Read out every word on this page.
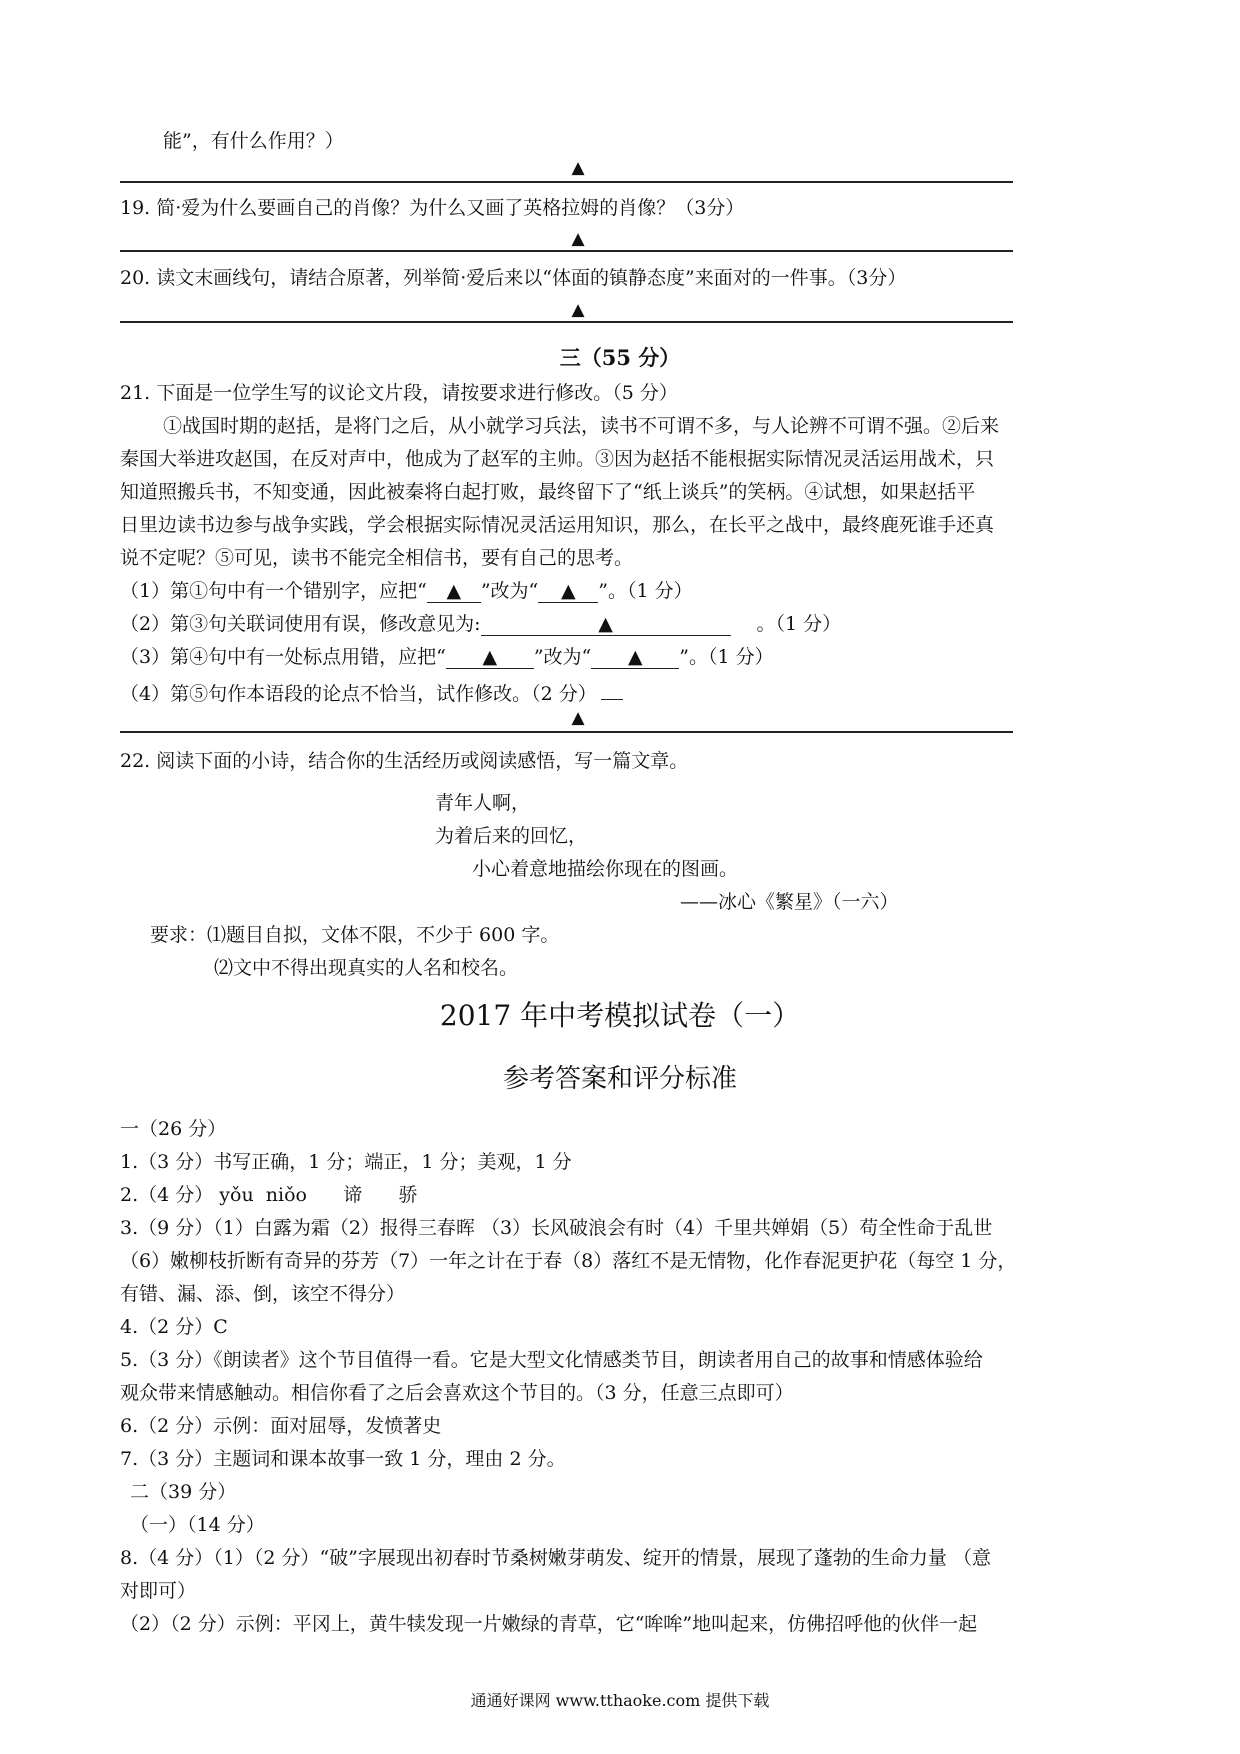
能”，有什么作用？）
▲
19. 简·爱为什么要画自己的肖像？为什么又画了英格拉姆的肖像？（3分）
▲
20. 读文末画线句，请结合原著，列举简·爱后来以“体面的镇静态度”来面对的一件事。（3分）
▲
三（55 分）
21. 下面是一位学生写的议论文片段，请按要求进行修改。（5 分）
①战国时期的赵括，是将门之后，从小就学习兵法，读书不可谓不多，与人论辨不可谓不强。②后来
秦国大举进攻赵国，在反对声中，他成为了赵军的主帅。③因为赵括不能根据实际情况灵活运用战术，只
知道照搬兵书，不知变通，因此被秦将白起打败，最终留下了“纸上谈兵”的笑柄。④试想，如果赵括平
日里边读书边参与战争实践，学会根据实际情况灵活运用知识，那么，在长平之战中，最终鹿死谁手还真
说不定呢？⑤可见，读书不能完全相信书，要有自己的思考。
（1）第①句中有一个错别字，应把“ ▲ ”改为“ ▲ ”。（1 分）
（2）第③句关联词使用有误，修改意见为:	▲	。（1 分）
（3）第④句中有一处标点用错，应把“ ▲ ”改为“ ▲ ”。（1 分）
（4）第⑤句作本语段的论点不恰当，试作修改。（2 分）
▲
22. 阅读下面的小诗，结合你的生活经历或阅读感悟，写一篇文章。
青年人啊，
为着后来的回忆，
小心着意地描绘你现在的图画。
——冰心《繁星》（一六）
要求：⑴题目自拟，文体不限，不少于 600 字。
⑵文中不得出现真实的人名和校名。
2017 年中考模拟试卷（一）
参考答案和评分标准
一（26 分）
1.（3 分）书写正确，1 分；端正，1 分；美观，1 分
2.（4 分） yǒu  niǒo      谛      骄
3.（9 分）（1）白露为霜（2）报得三春晖 （3）长风破浪会有时（4）千里共婵娟（5）苟全性命于乱世
（6）嫩柳枝折断有奇异的芬芳（7）一年之计在于春（8）落红不是无情物，化作春泥更护花（每空 1 分，
有错、漏、添、倒，该空不得分）
4.（2 分）C
5.（3 分）《朗读者》这个节目值得一看。它是大型文化情感类节目，朗读者用自己的故事和情感体验给
观众带来情感触动。相信你看了之后会喜欢这个节目的。（3 分，任意三点即可）
6.（2 分）示例：面对屈辱，发愤著史
7.（3 分）主题词和课本故事一致 1 分，理由 2 分。
二（39 分）
（一）（14 分）
8.（4 分）（1）（2 分）“破”字展现出初春时节桑树嫩芽萌发、绽开的情景，展现了蓬勃的生命力量 （意
对即可）
（2）（2 分）示例：平冈上，黄牛犊发现一片嫩绿的青草，它“哞哞”地叫起来，仿佛招呼他的伙伴一起
通通好课网 www.tthaoke.com 提供下载
